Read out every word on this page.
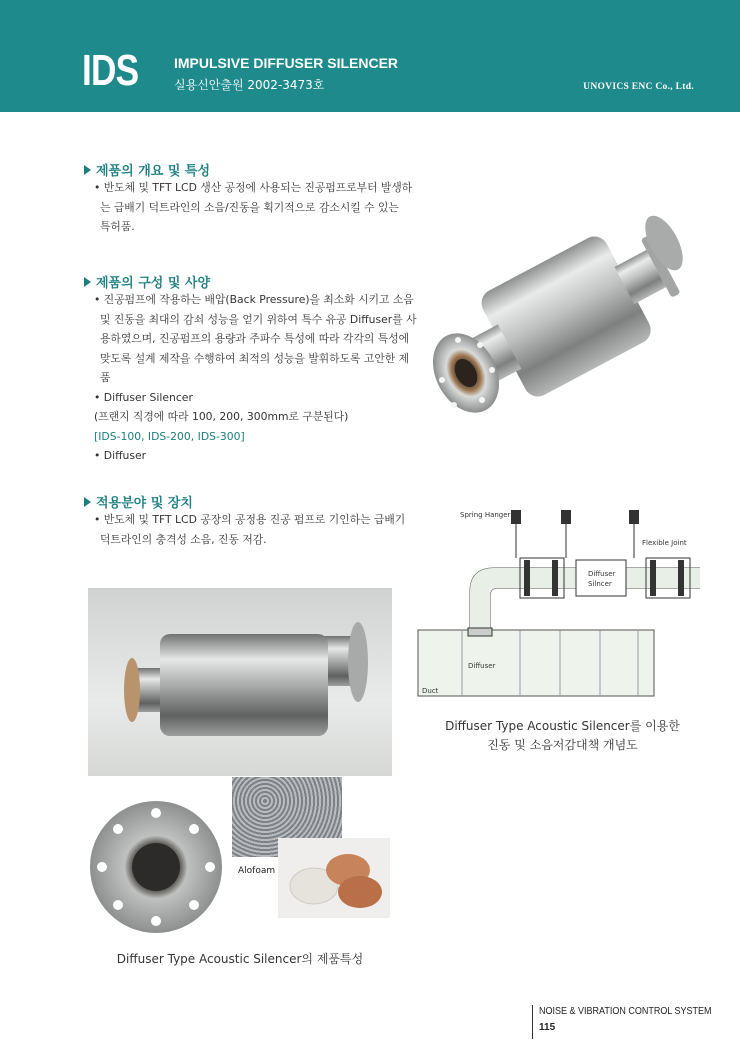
IDS	IMPULSIVE DIFFUSER SILENCER
실용신안출원 2002-3473호	UNOVICS ENC Co., Ltd.
제품의 개요 및 특성
• 반도체 및 TFT LCD 생산 공정에 사용되는 진공펌프로부터 발생하
는 급배기 덕트라인의 소음/진동을 획기적으로 감소시킬 수 있는
특허품.
제품의 구성 및 사양
• 진공펌프에 작용하는 배압(Back Pressure)을 최소화 시키고 소음
및 진동을 최대의 감쇠 성능을 얻기 위하여 특수 유공 Diffuser를 사
용하였으며, 진공펌프의 용량과 주파수 특성에 따라 각각의 특성에
맞도록 설계 제작을 수행하여 최적의 성능을 발휘하도록 고안한 제
품
• Diffuser Silencer
(프랜지 직경에 따라 100, 200, 300mm로 구분된다)
[IDS-100, IDS-200, IDS-300]
• Diffuser
적용분야 및 장치
• 반도체 및 TFT LCD 공장의 공정용 진공 펌프로 기인하는 급배기
덕트라인의 충격성 소음, 진동 저감.
Spring Hanger
Flexible Joint
Diffuser
Silncer
Diffuser
Duct
Diffuser Type Acoustic Silencer를 이용한
진동 및 소음저감대책 개념도
Alofoam
Diffuser Type Acoustic Silencer의 제품특성
NOISE & VIBRATION CONTROL SYSTEM
115
